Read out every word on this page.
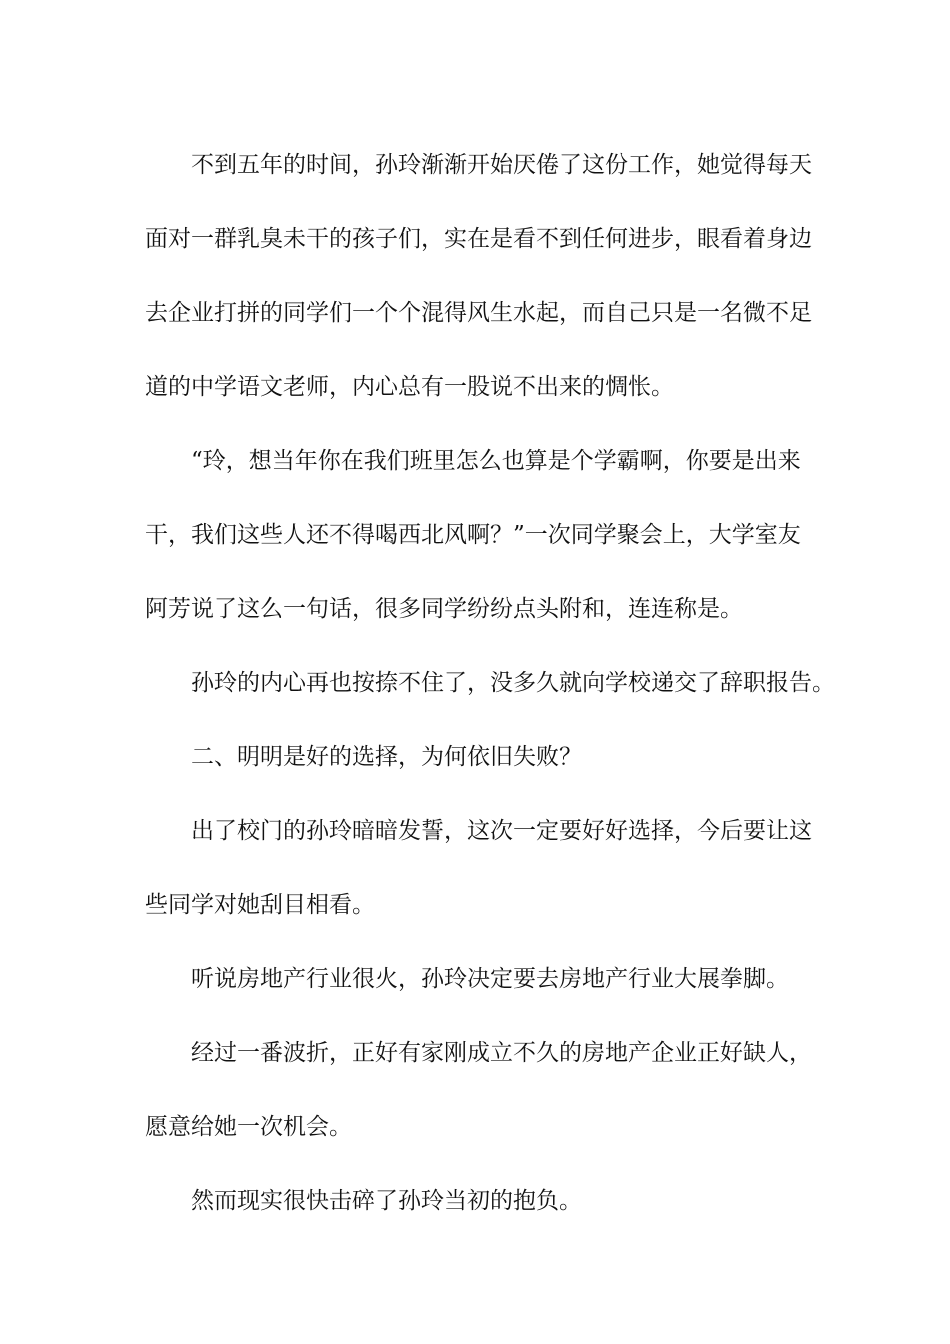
不到五年的时间，孙玲渐渐开始厌倦了这份工作，她觉得每天
面对一群乳臭未干的孩子们，实在是看不到任何进步，眼看着身边
去企业打拼的同学们一个个混得风生水起，而自己只是一名微不足
道的中学语文老师，内心总有一股说不出来的惆怅。
“玲，想当年你在我们班里怎么也算是个学霸啊，你要是出来
干，我们这些人还不得喝西北风啊？”一次同学聚会上，大学室友
阿芳说了这么一句话，很多同学纷纷点头附和，连连称是。
孙玲的内心再也按捺不住了，没多久就向学校递交了辞职报告。
二、明明是好的选择，为何依旧失败？
出了校门的孙玲暗暗发誓，这次一定要好好选择，今后要让这
些同学对她刮目相看。
听说房地产行业很火，孙玲决定要去房地产行业大展拳脚。
经过一番波折，正好有家刚成立不久的房地产企业正好缺人，
愿意给她一次机会。
然而现实很快击碎了孙玲当初的抱负。
